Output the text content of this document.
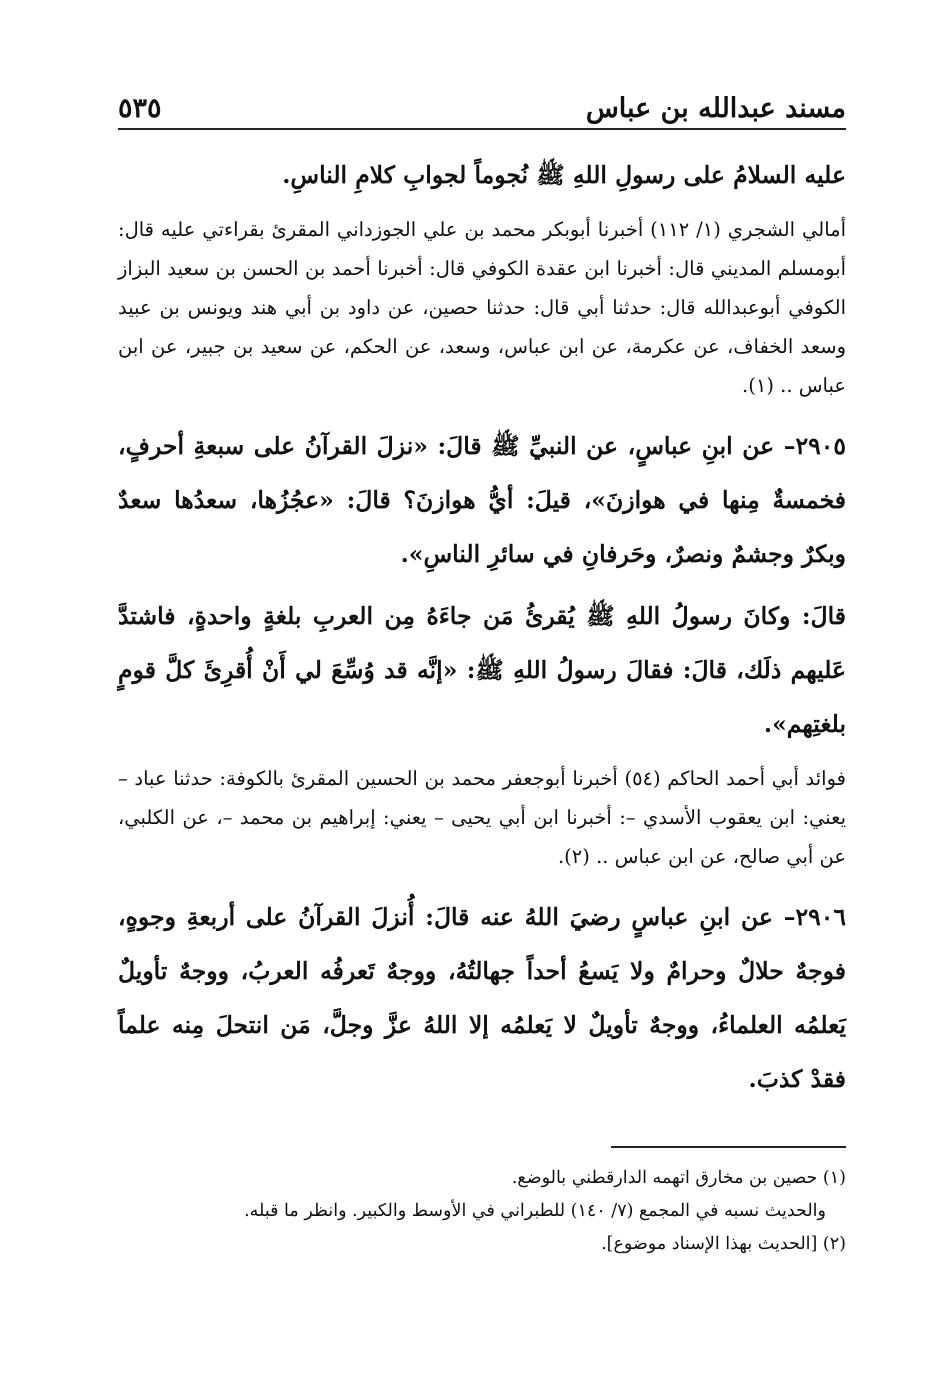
مسند عبدالله بن عباس
٥٣٥

عليه السلامُ على رسولِ اللهِ ﷺ نُجوماً لجوابِ كلامِ الناسِ.

أمالي الشجري (١/ ١١٢) أخبرنا أبوبكر محمد بن علي الجوزداني المقرئ بقراءتي عليه قال: أبومسلم المديني قال: أخبرنا ابن عقدة الكوفي قال: أخبرنا أحمد بن الحسن بن سعيد البزاز الكوفي أبوعبدالله قال: حدثنا أبي قال: حدثنا حصين، عن داود بن أبي هند ويونس بن عبيد وسعد الخفاف، عن عكرمة، عن ابن عباس، وسعد، عن الحكم، عن سعيد بن جبير، عن ابن عباس .. (١).

٢٩٠٥– عن ابنِ عباسٍ، عن النبيِّ ﷺ قالَ: «نزلَ القرآنُ على سبعةِ أحرفٍ، فخمسةٌ مِنها في هوازنَ»، قيلَ: أيُّ هوازنَ؟ قالَ: «عجُزُها، سعدُها سعدٌ وبكرٌ وجشمٌ ونصرٌ، وحَرفانِ في سائرِ الناسِ».

قالَ: وكانَ رسولُ اللهِ ﷺ يُقرئُ مَن جاءَهُ مِن العربِ بلغةٍ واحدةٍ، فاشتدَّ عَليهم ذلَك، قالَ: فقالَ رسولُ اللهِ ﷺ: «إنَّه قد وُسِّعَ لي أَنْ أُقرِئَ كلَّ قومٍ بلغتِهم».

فوائد أبي أحمد الحاكم (٥٤) أخبرنا أبوجعفر محمد بن الحسين المقرئ بالكوفة: حدثنا عباد – يعني: ابن يعقوب الأسدي –: أخبرنا ابن أبي يحيى – يعني: إبراهيم بن محمد –، عن الكلبي، عن أبي صالح، عن ابن عباس .. (٢).

٢٩٠٦– عن ابنِ عباسٍ رضيَ اللهُ عنه قالَ: أُنزلَ القرآنُ على أربعةِ وجوهٍ، فوجهٌ حلالٌ وحرامٌ ولا يَسعُ أحداً جهالتُهُ، ووجهٌ تَعرفُه العربُ، ووجهٌ تأويلٌ يَعلمُه العلماءُ، ووجهٌ تأويلٌ لا يَعلمُه إلا اللهُ عزَّ وجلَّ، مَن انتحلَ مِنه علماً فقدْ كذبَ.

(١) حصين بن مخارق اتهمه الدارقطني بالوضع.

والحديث نسبه في المجمع (٧/ ١٤٠) للطبراني في الأوسط والكبير. وانظر ما قبله.

(٢) [الحديث بهذا الإسناد موضوع].
